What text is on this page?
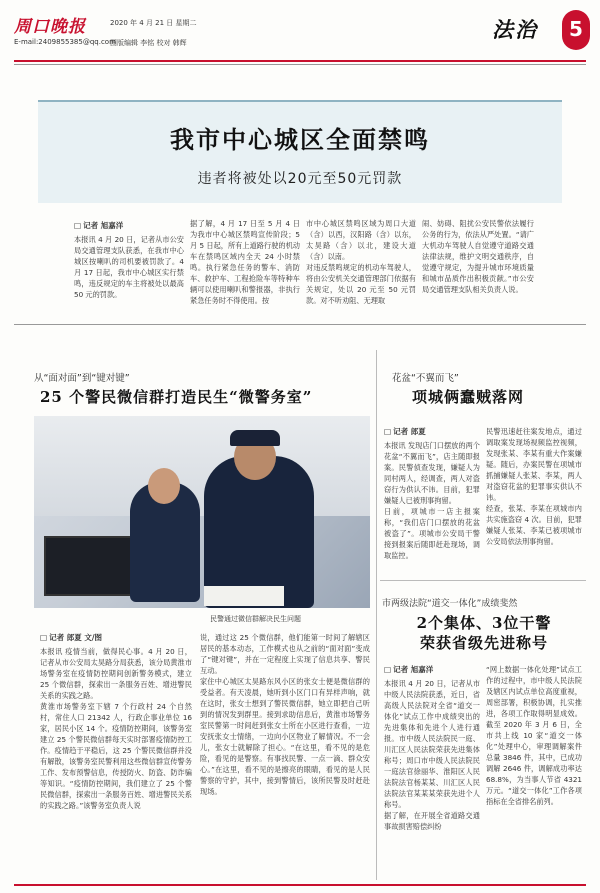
周口晚报
E-mail:2409855385@qq.com
2020 年 4 月 21 日 星期二
图版编辑 李铭 校对 韩辉
法治	5
我市中心城区全面禁鸣
违者将被处以20元至50元罚款
□ 记者 旭嘉洋
本报讯 4 月 20 日，记者从市公安局交通管理支队获悉，在我市中心城区按喇叭的司机要被罚款了。4 月 17 日起，我市中心城区实行禁鸣，违反规定的车主将被处以最高 50 元的罚款。
据了解，4 月 17 日至 5 月 4 日为我市中心城区禁鸣宣传阶段；5 月 5 日起，所有上道路行驶的机动车在禁鸣区域内全天 24 小时禁鸣。执行紧急任务的警车、消防车、救护车、工程抢险车等特种车辆可以使用喇叭和警报器，非执行紧急任务时不得使用。按
市中心城区禁鸣区域为周口大道（含）以西，汉阳路（含）以东，太昊路（含）以北，建设大道（含）以南。
对违反禁鸣规定的机动车驾驶人，将由公安机关交通管理部门依据有关规定，处以 20 元至 50 元罚款。对不听劝阻、无理取
闹、妨碍、阻扰公安民警依法履行公务的行为，依法从严处置。“请广大机动车驾驶人自觉遵守道路交通法律法规，维护文明交通秩序，自觉遵守规定，为提升城市环境质量和城市品质作出积极贡献。”市公安局交通管理支队相关负责人说。
从“面对面”到“键对键”
25 个警民微信群打造民生“微警务室”
民警通过微信群解决民生问题
□ 记者 郎夏 文/图
本报讯 疫情当前，做得民心事。4 月 20 日，记者从市公安局太昊路分局获悉，该分局黄淮市场警务室在疫情防控期间创新警务模式，建立 25 个微信群，探索出一条服务百姓、增进警民关系的实践之路。
黄淮市场警务室下辖 7 个行政村 24 个自然村，常住人口 21342 人，行政企事业单位 16 家，居民小区 14 个。疫情防控期间，该警务室建立 25 个警民微信群每天实时部署疫情防控工作。疫情趋于平稳后，这 25 个警民微信群并没有解散，该警务室民警利用这些微信群宣传警务工作、发布预警信息，传授防火、防盗、防诈骗等知识。“疫情防控期间，我们建立了 25 个警民微信群，探索出一条服务百姓、增进警民关系的实践之路。”该警务室负责人说
说，通过这 25 个微信群，他们能第一时间了解辖区居民的基本动态，工作模式也从之前的“面对面”变成了“键对键”，并在一定程度上实现了信息共享、警民互动。
家住中心城区太昊路东风小区的张女士便是微信群的受益者。有天凌晨，她听到小区门口有异样声响，就在这时，张女士想到了警民微信群，她立即把自己听到的情况发到群里。接到求助信息后，黄淮市场警务室民警第一时间赶到张女士所在小区进行查看，一边安抚张女士情绪，一边向小区物业了解情况。不一会儿，张女士就解除了担心。“在这里，看不见的是危险，看见的是警察。有事找民警、一点一滴、群众安心。”在这里，看不见的是擦亮的眼睛，看见的是人民警察的守护，其中，接到警情后，该所民警及时赶赴现场。
花盆“不翼而飞”
项城俩蠢贼落网
□ 记者 郎夏
本报讯 发现店门口摆放的两个花盆“不翼而飞”，店主随即报案。民警侦查发现，嫌疑人为同村两人，经调查，两人对盗窃行为供认不讳。目前，犯罪嫌疑人已被刑事拘留。
日前，项城市一店主报案称，“我们店门口摆放的花盆被盗了”。项城市公安局干警接到报案后随即赶赴现场，调取监控。
民警迅速赶往案发地点，通过调取案发现场视频监控视频，发现张某、李某有重大作案嫌疑。随后，办案民警在项城市抓捕嫌疑人张某、李某，两人对盗窃花盆的犯罪事实供认不讳。
经查，张某、李某在项城市内共实施盗窃 4 次。目前，犯罪嫌疑人张某、李某已被项城市公安局依法刑事拘留。
市两级法院“道交一体化”成绩斐然
2个集体、3位干警
荣获省级先进称号
□ 记者 旭嘉洋
本报讯 4 月 20 日，记者从市中级人民法院获悉，近日，省高级人民法院对全省“道交一体化”试点工作中成绩突出的先进集体和先进个人进行通报。市中级人民法院民一庭、川汇区人民法院荣获先进集体称号；周口市中级人民法院民一庭法官徐丽华、淮阳区人民法院法官杨某某、川汇区人民法院法官某某某荣获先进个人称号。
据了解，在开展全省道路交通事故损害赔偿纠纷
“网上数据一体化处理”试点工作的过程中，市中级人民法院及辖区内试点单位高度重视，周密部署，积极协调，扎实推进，各项工作取得明显成效。截至 2020 年 3 月 6 日，全市共上线 10 家“道交一体化”处理中心，审理调解案件总量 3846 件，其中，已成功调解 2646 件，调解成功率达 68.8%，为当事人节省 4321 万元。“道交一体化”工作各项指标在全省排名前列。
